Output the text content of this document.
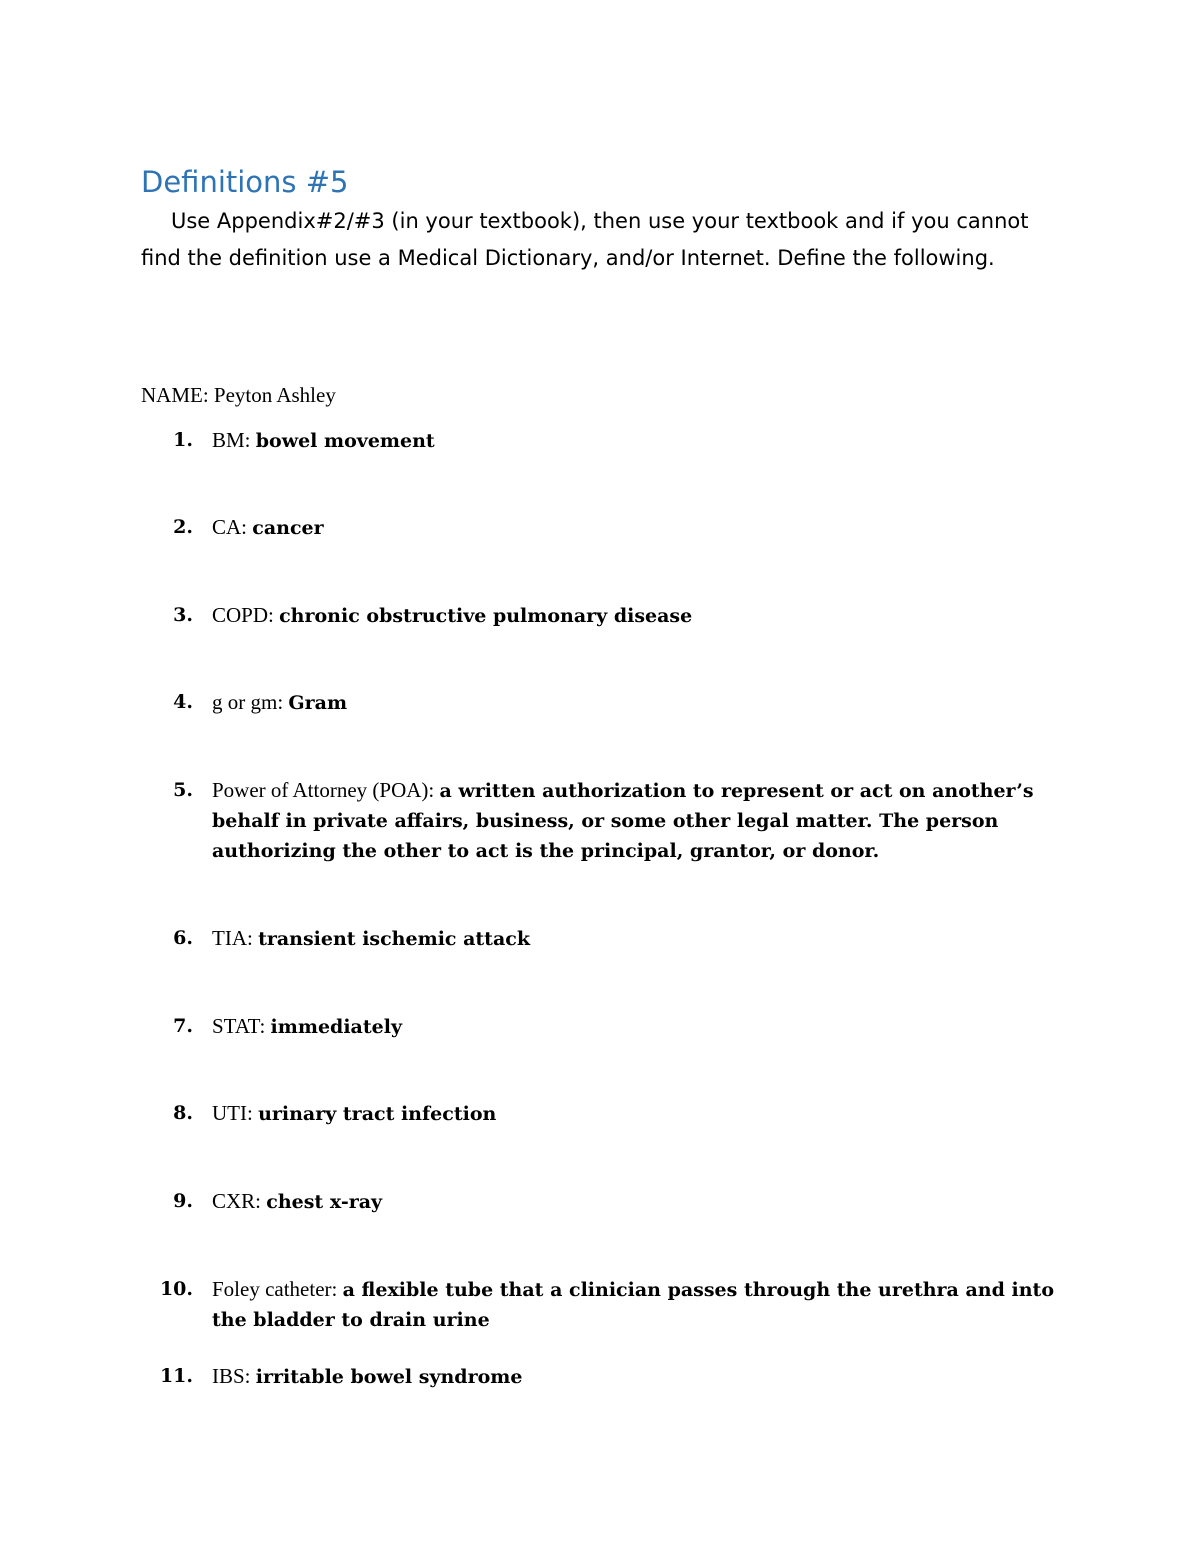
Definitions #5

Use Appendix#2/#3 (in your textbook), then use your textbook and if you cannot find the definition use a Medical Dictionary, and/or Internet. Define the following.

NAME: Peyton Ashley

1. BM: bowel movement
2. CA: cancer
3. COPD: chronic obstructive pulmonary disease
4. g or gm: Gram
5. Power of Attorney (POA): a written authorization to represent or act on another’s behalf in private affairs, business, or some other legal matter. The person authorizing the other to act is the principal, grantor, or donor.
6. TIA: transient ischemic attack
7. STAT: immediately
8. UTI: urinary tract infection
9. CXR: chest x-ray
10. Foley catheter: a flexible tube that a clinician passes through the urethra and into the bladder to drain urine
11. IBS: irritable bowel syndrome
